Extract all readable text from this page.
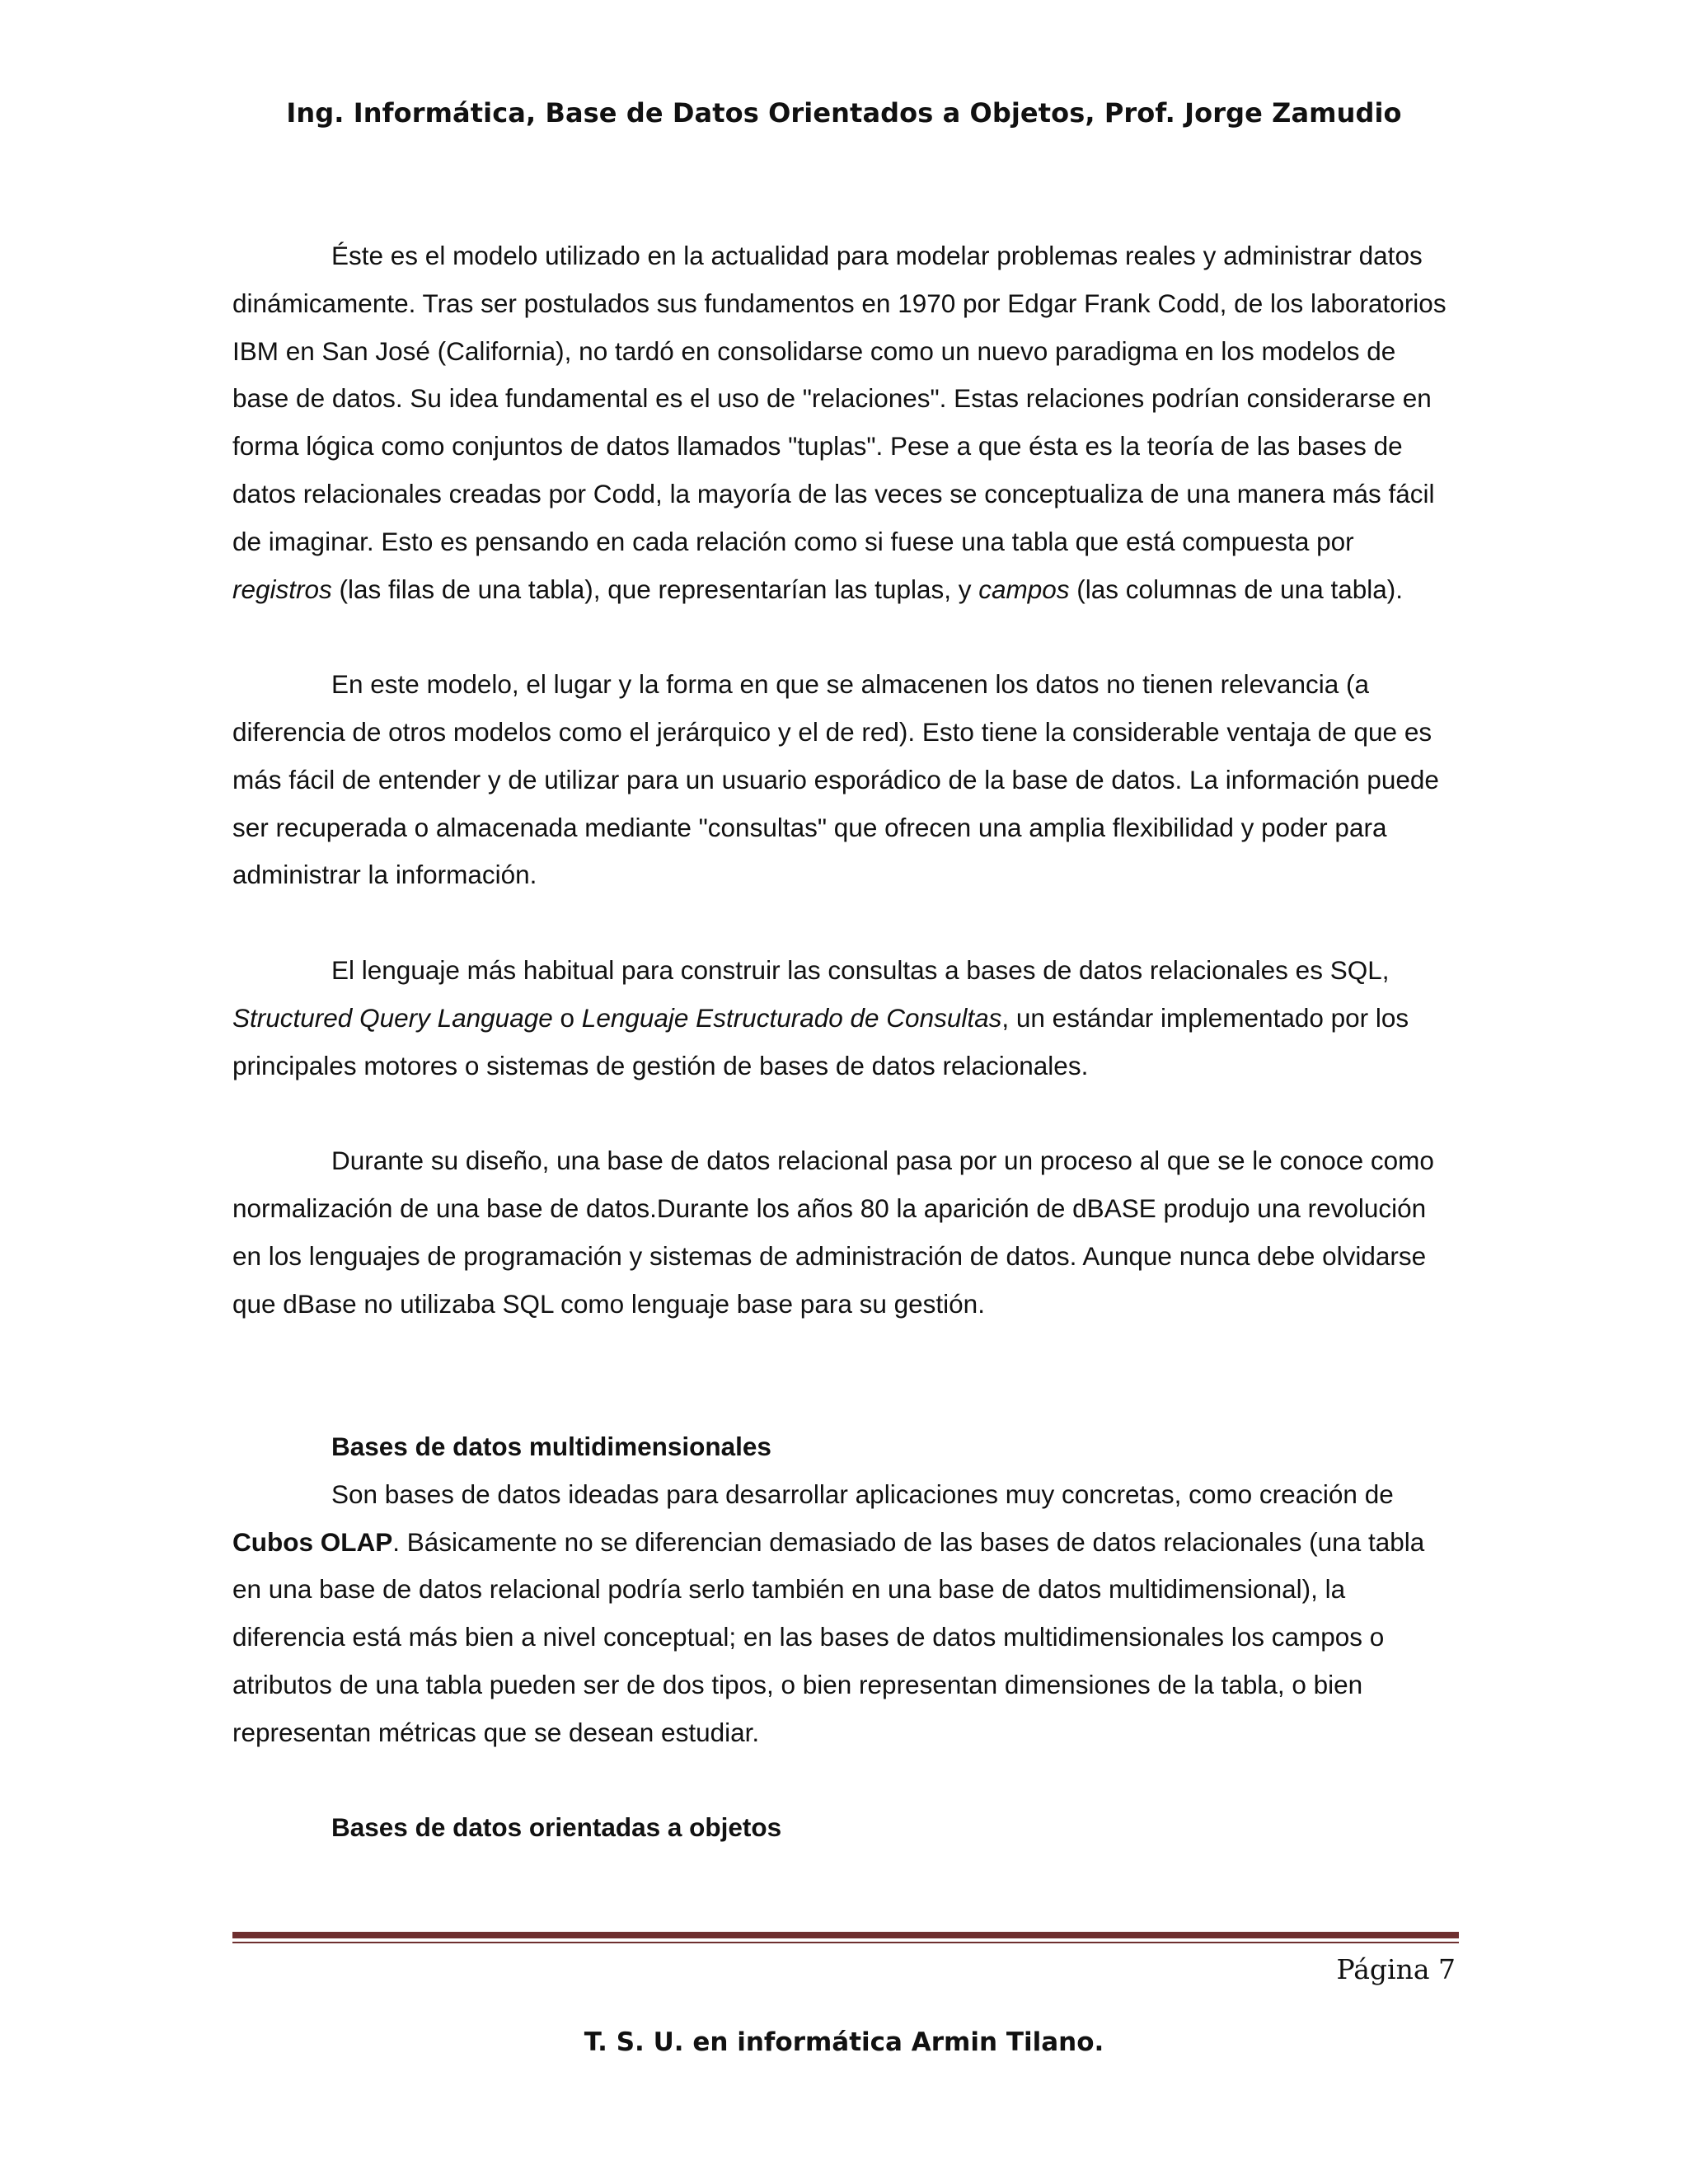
Ing. Informática, Base de Datos Orientados a Objetos, Prof. Jorge Zamudio

Éste es el modelo utilizado en la actualidad para modelar problemas reales y administrar datos dinámicamente. Tras ser postulados sus fundamentos en 1970 por Edgar Frank Codd, de los laboratorios IBM en San José (California), no tardó en consolidarse como un nuevo paradigma en los modelos de base de datos. Su idea fundamental es el uso de "relaciones". Estas relaciones podrían considerarse en forma lógica como conjuntos de datos llamados "tuplas". Pese a que ésta es la teoría de las bases de datos relacionales creadas por Codd, la mayoría de las veces se conceptualiza de una manera más fácil de imaginar. Esto es pensando en cada relación como si fuese una tabla que está compuesta por registros (las filas de una tabla), que representarían las tuplas, y campos (las columnas de una tabla).

En este modelo, el lugar y la forma en que se almacenen los datos no tienen relevancia (a diferencia de otros modelos como el jerárquico y el de red). Esto tiene la considerable ventaja de que es más fácil de entender y de utilizar para un usuario esporádico de la base de datos. La información puede ser recuperada o almacenada mediante "consultas" que ofrecen una amplia flexibilidad y poder para administrar la información.

El lenguaje más habitual para construir las consultas a bases de datos relacionales es SQL, Structured Query Language o Lenguaje Estructurado de Consultas, un estándar implementado por los principales motores o sistemas de gestión de bases de datos relacionales.

Durante su diseño, una base de datos relacional pasa por un proceso al que se le conoce como normalización de una base de datos.Durante los años 80 la aparición de dBASE produjo una revolución en los lenguajes de programación y sistemas de administración de datos. Aunque nunca debe olvidarse que dBase no utilizaba SQL como lenguaje base para su gestión.

Bases de datos multidimensionales

Son bases de datos ideadas para desarrollar aplicaciones muy concretas, como creación de Cubos OLAP. Básicamente no se diferencian demasiado de las bases de datos relacionales (una tabla en una base de datos relacional podría serlo también en una base de datos multidimensional), la diferencia está más bien a nivel conceptual; en las bases de datos multidimensionales los campos o atributos de una tabla pueden ser de dos tipos, o bien representan dimensiones de la tabla, o bien representan métricas que se desean estudiar.

Bases de datos orientadas a objetos

Página 7
T. S. U. en informática Armin Tilano.
